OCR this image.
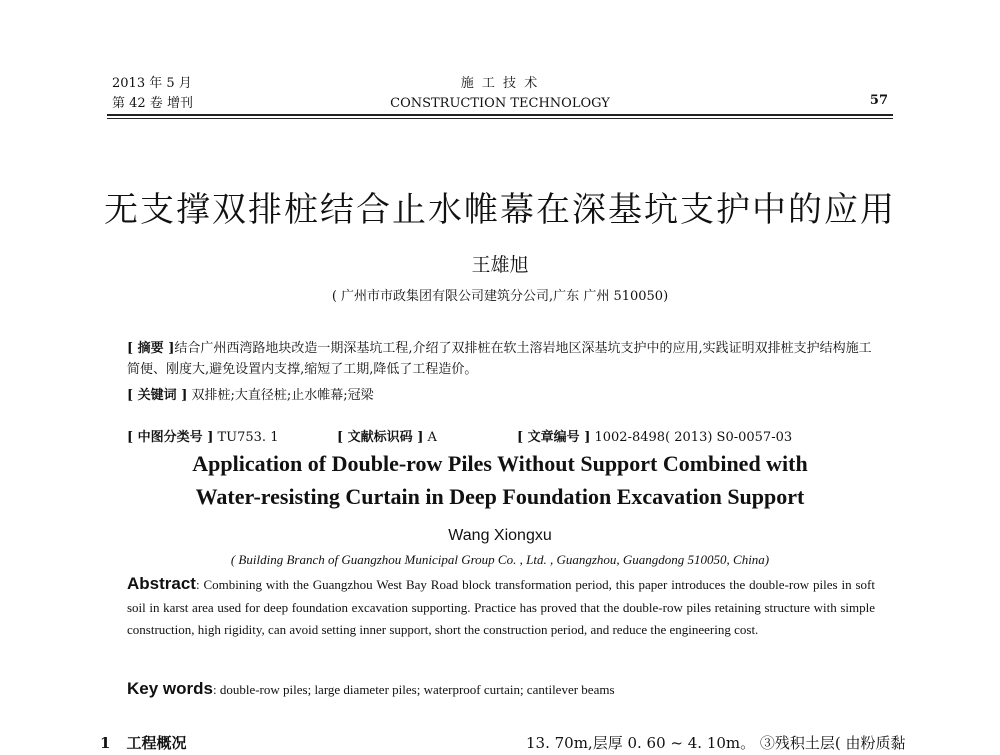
2013 年 5 月
第 42 卷 增刊
施 工 技 术
CONSTRUCTION TECHNOLOGY	57
无支撑双排桩结合止水帷幕在深基坑支护中的应用
王雄旭
( 广州市市政集团有限公司建筑分公司,广东 广州 510050)
[ 摘要 ]结合广州西湾路地块改造一期深基坑工程,介绍了双排桩在软土溶岩地区深基坑支护中的应用,实践证明双排桩支护结构施工简便、刚度大,避免设置内支撑,缩短了工期,降低了工程造价。
[ 关键词 ] 双排桩;大直径桩;止水帷幕;冠梁
[ 中图分类号 ] TU753. 1	[ 文献标识码 ] A	[ 文章编号 ] 1002-8498( 2013) S0-0057-03
Application of Double-row Piles Without Support Combined with
Water-resisting Curtain in Deep Foundation Excavation Support
Wang Xiongxu
( Building Branch of Guangzhou Municipal Group Co. , Ltd. , Guangzhou, Guangdong 510050, China)
Abstract: Combining with the Guangzhou West Bay Road block transformation period, this paper introduces the double-row piles in soft soil in karst area used for deep foundation excavation supporting. Practice has proved that the double-row piles retaining structure with simple construction, high rigidity, can avoid setting inner support, short the construction period, and reduce the engineering cost.
Key words: double-row piles; large diameter piles; waterproof curtain; cantilever beams
1 工程概况	13. 70m,层厚 0. 60 ~ 4. 10m。 ③残积土层( 由粉质黏
